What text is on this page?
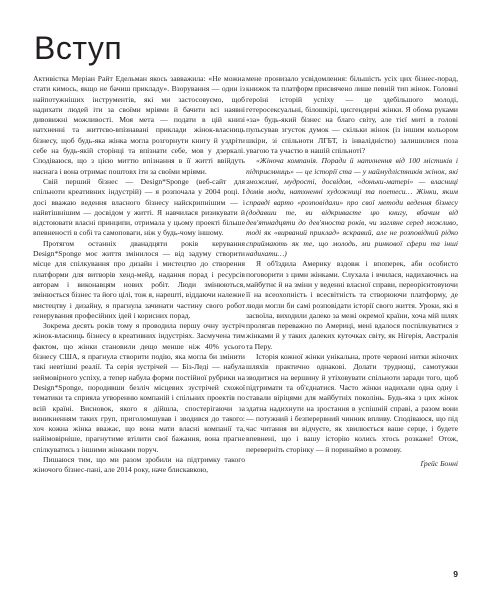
Вступ

Активістка Меріан Райт Едельман якось завважила: «Не можна стати кимось, якщо не бачиш прикладу». Взорування — один із найпотужніших інструментів, які ми застосовуємо, щоб надихати людей іти за своїми мріями й бачити всі наявні дивовижні можливості. Моя мета — подати в цій книзі натхненні та життєво-впізнавані приклади жінок-власниць бізнесу, щоб будь-яка жінка могла розгорнути книгу й уздріти себе на будь-якій сторінці та впізнати себе, мов у дзеркалі. Сподіваюся, що з цією миттю впізнання в її житті ввійдуть наснага і вона отримає поштовх іти за своїми мріями.

Свій перший бізнес — Design*Sponge (веб-сайт для спільноти креативних індустрій) — я розпочала у 2004 році. І досі вважаю ведення власного бізнесу найскрипнішим — і найвтішнішим — досвідом у житті. Я навчилася ризикувати й відстоювати власні принципи, отримала у цьому проекті більше впевненості в собі та самоповаги, ніж у будь-чому іншому.

Протягом останніх дванадцяти років керування Design*Sponge моє життя змінилося — від задуму створити місце для спілкування про дизайн і мистецтво до створення платформи для витворів хенд-мейд, надання порад і ресурсів авторам і виконавцям нових робіт. Люди змінюються, змінюється бізнес та його цілі, тож я, нарешті, віддаючи належне мистецтву і дизайну, я прагнула зачинати частину свого робот генерування професійних ідей і корисних порад.

Зокрема десять років тому я проводила першу очну зустріч жінок-власниць бізнесу в креативних індустріях. Засмучена тим фактом, що жінки становили дещо менше ніж 40% усього бізнесу США, я прагнула створити подію, яка могла би змінити такі невтішні реалії. Та серія зустрічей — Біз-Леді — набула неймовірного успіху, а тепер набула форми постійної рубрики на Design*Sponge, породивши безліч місцевих зустрічей схожої тематики та сприяла утворенню компаній і спільних проектів по всій країні. Висновок, якого я дійшла, спостерігаючи за виникненням таких груп, приголомшував і зводився до такого: хоч кожна жінка вважає, що вона мати власні компанії та, найімовірніше, прагнутиме втілити свої бажання, вона прагне спілкуватись з іншими жінками поруч.

Пишаюся тим, що ми разом зробили на підтримку такого жіночого бізнес-пані, але 2014 року, наче блискавкою,

мене пронизало усвідомлення: більшість усіх цих бізнес-порад, книжок та платформ присвячено лише певній тип жінок. Головні героїні історій успіху — це здебільшого молоді, гетеросексуальні, білошкірі, цисгендерні жінки. Я обома руками «за» будь-який бізнес на благо світу, але тієї миті в голові пульсував згусток думок — скільки жінок (із іншим кольором шкіри, зі спільноти ЛГБТ, із інвалідністю) залишилися поза увагою та участю в нашій спільноті?

«Жіноча компанія. Поради й натхнення від 100 містиків і підприємниць» — це історії ста — у наймудлістників жінок, які зможливі, мудрості, досвідом, «доньки-матері» — власниці домів моди, натхненні художниці та поетеси… Жінки, яким справді варто «розповідали» про свої методи ведення бізнесу (додавши те, ви відкриваєте цю книгу, вбачим від дев'ятнадцяти до дев'яноста років, чи загляне серед можливо, тоді як «вирваний приклад» яскравий, але не розповідний рідко сприймають як те, що молодь, ми ринкової сфери та інші надихати…)

Я об'їздила Америку вздовж і впоперек, аби особисто поговорити з цими жінками. Слухала і вчилася, надихаючись на майбутнє й на зміни у веденні власної справи, переорієнтовуючи її на всеохопність і всесвітність та створюючи платформу, де люди могли би самі розповідати історії свого життя. Уроки, які я засвоїла, виходили далеко за межі окремої країни, хоча мій шлях пролягав переважно по Америці, мені вдалося поспілкуватися з жінками й у таких далеких куточках світу, як Нігерія, Австралія та Перу.

Історія кожної жінки унікальна, проте червоні нитки жіночих шляхів практично однакові. Долати труднощі, самотужки зводитися на вершину й утіховувати спільноти заради того, щоб підтримати та об'єднатися. Часто жінки надихали одна одну і ставали віріцями для майбутніх поколінь. Будь-яка з цих жінок здатна надихнути на зростання в успішній справі, а разом вони — потужний і безперервний чинник впливу. Сподіваюся, що під час читання ви відчуєте, як хвилюється ваше серце, і будете впевнені, що і вашу історію колись хтось розкаже! Отож, переверніть сторінку — й поринаймо в розмову.

Ґрейс Бонні

9
